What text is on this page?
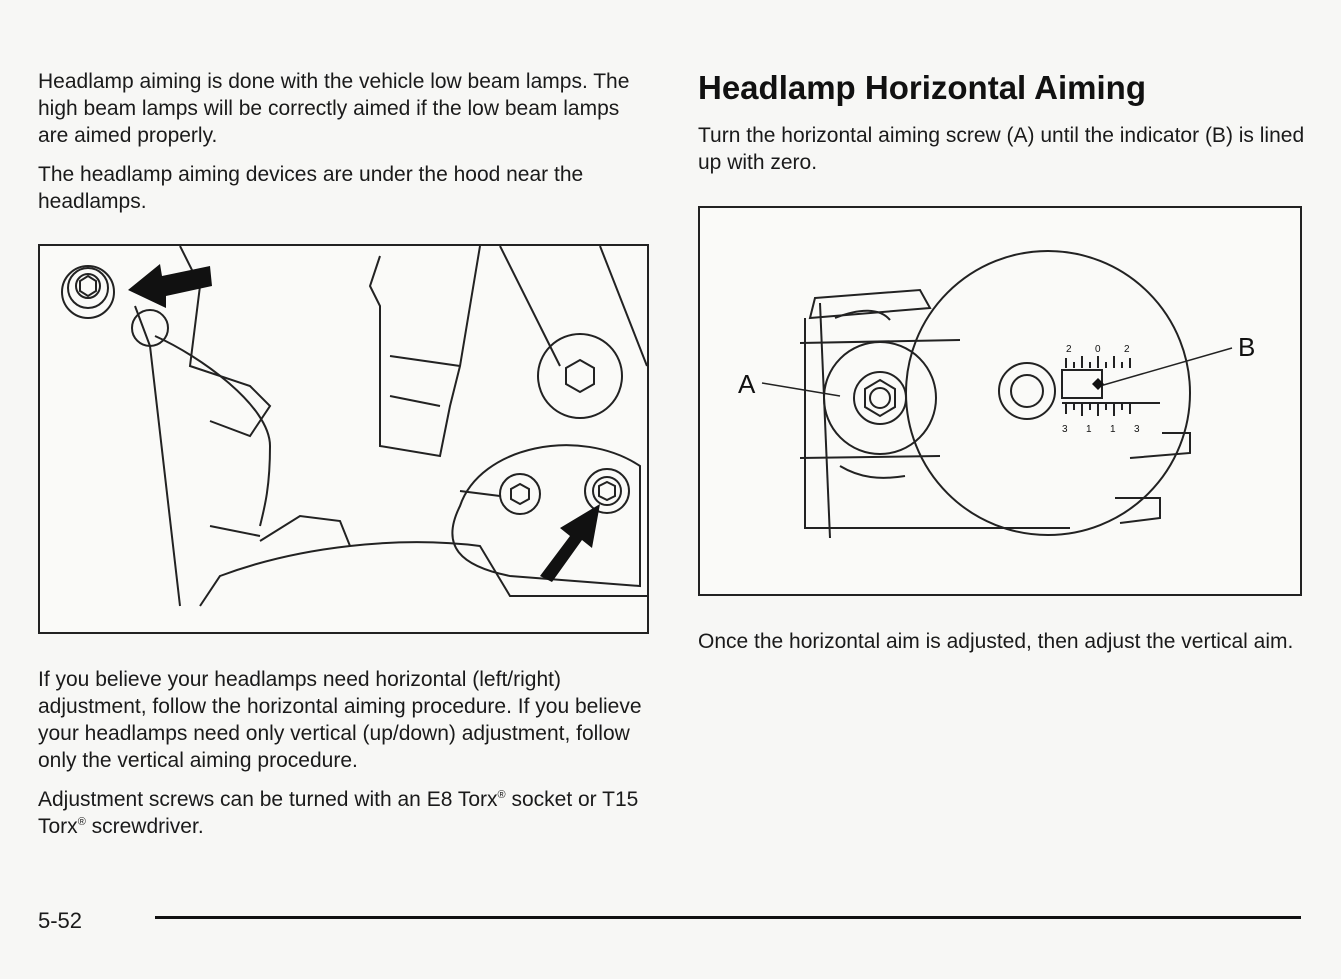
Headlamp aiming is done with the vehicle low beam lamps. The high beam lamps will be correctly aimed if the low beam lamps are aimed properly.

The headlamp aiming devices are under the hood near the headlamps.

Headlamp Horizontal Aiming

Turn the horizontal aiming screw (A) until the indicator (B) is lined up with zero.

A
B
2 0 2
3 1 1 3

If you believe your headlamps need horizontal (left/right) adjustment, follow the horizontal aiming procedure. If you believe your headlamps need only vertical (up/down) adjustment, follow only the vertical aiming procedure.

Adjustment screws can be turned with an E8 Torx® socket or T15 Torx® screwdriver.

Once the horizontal aim is adjusted, then adjust the vertical aim.

5-52
